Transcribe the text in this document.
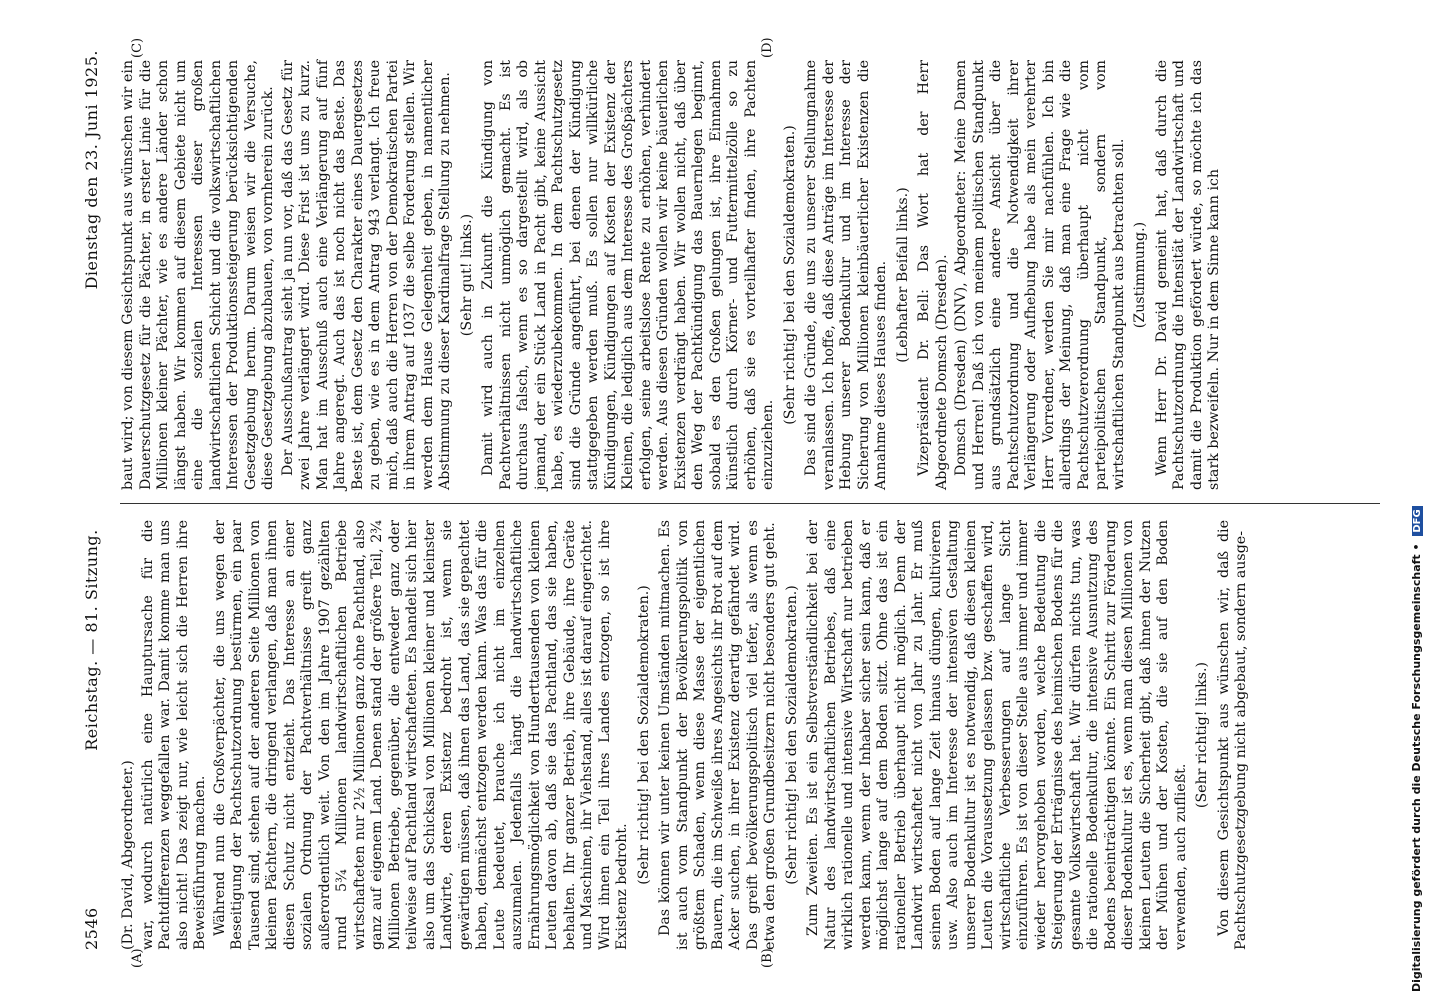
2546
Reichstag. — 81. Sitzung.
Dienstag den 23. Juni 1925.
(A)	(B)
(C)	(D)

(Dr. David, Abgeordneter.) war, wodurch natürlich eine Hauptursache für die Pachtdifferenzen weggefallen war. Damit komme man uns also nicht! Das zeigt nur, wie leicht sich die Herren ihre Beweisführung machen. Während nun die Großverpächter, die uns wegen der Beseitigung der Pachtschutzordnung bestürmen, ein paar Tausend sind, stehen auf der anderen Seite Millionen von kleinen Pächtern, die dringend verlangen, daß man ihnen diesen Schutz nicht entzieht. Das Interesse an einer sozialen Ordnung der Pachtverhältnisse greift ganz außerordentlich weit. Von den im Jahre 1907 gezählten rund 5¾ Millionen landwirtschaftlichen Betriebe wirtschafteten nur 2½ Millionen ganz ohne Pachtland, also ganz auf eigenem Land. Denen stand der größere Teil, 2¾ Millionen Betriebe, gegenüber, die entweder ganz oder teilweise auf Pachtland wirtschafteten. Es handelt sich hier also um das Schicksal von Millionen kleiner und kleinster Landwirte, deren Existenz bedroht ist, wenn sie gewärtigen müssen, daß ihnen das Land, das sie gepachtet haben, demnächst entzogen werden kann. Was das für die Leute bedeutet, brauche ich nicht im einzelnen auszumalen. Jedenfalls hängt die landwirtschaftliche Ernährungsmöglichkeit von Hunderttausenden von kleinen Leuten davon ab, daß sie das Pachtland, das sie haben, behalten. Ihr ganzer Betrieb, ihre Gebäude, ihre Geräte und Maschinen, ihr Viehstand, alles ist darauf eingerichtet. Wird ihnen ein Teil ihres Landes entzogen, so ist ihre Existenz bedroht.

(Sehr richtig! bei den Sozialdemokraten.) Das können wir unter keinen Umständen mitmachen. Es ist auch vom Standpunkt der Bevölkerungspolitik von größtem Schaden, wenn diese Masse der eigentlichen Bauern, die im Schweiße ihres Angesichts ihr Brot auf dem Acker suchen, in ihrer Existenz derartig gefährdet wird. Das greift bevölkerungspolitisch viel tiefer, als wenn es etwa den großen Grundbesitzern nicht besonders gut geht. (Sehr richtig! bei den Sozialdemokraten.) Zum Zweiten. Es ist ein Selbstverständlichkeit bei der Natur des landwirtschaftlichen Betriebes, daß eine wirklich rationelle und intensive Wirtschaft nur betrieben werden kann, wenn der Inhaber sicher sein kann, daß er möglichst lange auf dem Boden sitzt. Ohne das ist ein rationeller Betrieb überhaupt nicht möglich. Denn der Landwirt wirtschaftet nicht von Jahr zu Jahr. Er muß seinen Boden auf lange Zeit hinaus düngen, kultivieren usw. Also auch im Interesse der intensiven Gestaltung unserer Bodenkultur ist es notwendig, daß diesen kleinen Leuten die Voraussetzung gelassen bzw. geschaffen wird, wirtschaftliche Verbesserungen auf lange Sicht einzuführen. Es ist von dieser Stelle aus immer und immer wieder hervorgehoben worden, welche Bedeutung die Steigerung der Erträgnisse des heimischen Bodens für die gesamte Volkswirtschaft hat. Wir dürfen nichts tun, was die rationelle Bodenkultur, die intensive Ausnutzung des Bodens beeinträchtigen könnte. Ein Schritt zur Förderung dieser Bodenkultur ist es, wenn man diesen Millionen von kleinen Leuten die Sicherheit gibt, daß ihnen der Nutzen der Mühen und der Kosten, die sie auf den Boden verwenden, auch zufließt.

(Sehr richtig! links.) Von diesem Gesichtspunkt aus wünschen wir, daß die Pachtschutzgesetzgebung nicht abgebaut, sondern ausge-

baut wird; von diesem Gesichtspunkt aus wünschen wir ein Dauerschutzgesetz für die Pächter, in erster Linie für die Millionen kleiner Pächter, wie es andere Länder schon längst haben. Wir kommen auf diesem Gebiete nicht um eine die sozialen Interessen dieser großen landwirtschaftlichen Schicht und die volkswirtschaftlichen Interessen der Produktionssteigerung berücksichtigenden Gesetzgebung herum. Darum weisen wir die Versuche, diese Gesetzgebung abzubauen, von vornherein zurück. Der Ausschußantrag sieht ja nun vor, daß das Gesetz für zwei Jahre verlängert wird. Diese Frist ist uns zu kurz. Man hat im Ausschuß auch eine Verlängerung auf fünf Jahre angeregt. Auch das ist noch nicht das Beste. Das Beste ist, dem Gesetz den Charakter eines Dauergesetzes zu geben, wie es in dem Antrag 943 verlangt. Ich freue mich, daß auch die Herren von der Demokratischen Partei in ihrem Antrag auf 1037 die selbe Forderung stellen. Wir werden dem Hause Gelegenheit geben, in namentlicher Abstimmung zu dieser Kardinalfrage Stellung zu nehmen. (Sehr gut! links.) Damit wird auch in Zukunft die Kündigung von Pachtverhältnissen nicht unmöglich gemacht. Es ist durchaus falsch, wenn es so dargestellt wird, als ob jemand, der ein Stück Land in Pacht gibt, keine Aussicht habe, es wiederzubekommen. In dem Pachtschutzgesetz sind die Gründe angeführt, bei denen der Kündigung stattgegeben werden muß. Es sollen nur willkürliche Kündigungen, Kündigungen auf Kosten der Existenz der Kleinen, die lediglich aus dem Interesse des Großpächters erfolgen, seine arbeitslose Rente zu erhöhen, verhindert werden. Aus diesen Gründen wollen wir keine bäuerlichen Existenzen verdrängt haben. Wir wollen nicht, daß über den Weg der Pachtkündigung das Bauernlegen beginnt, sobald es den Großen gelungen ist, ihre Einnahmen künstlich durch Körner- und Futtermittelzölle so zu erhöhen, daß sie es vorteilhafter finden, ihre Pachten einzuziehen.

(Sehr richtig! bei den Sozialdemokraten.) Das sind die Gründe, die uns zu unserer Stellungnahme veranlassen. Ich hoffe, daß diese Anträge im Interesse der Hebung unserer Bodenkultur und im Interesse der Sicherung von Millionen kleinbäuerlicher Existenzen die Annahme dieses Hauses finden. (Lebhafter Beifall links.) Vizepräsident Dr. Bell: Das Wort hat der Herr Abgeordnete Domsch (Dresden). Domsch (Dresden) (DNV), Abgeordneter: Meine Damen und Herren! Daß ich von meinem politischen Standpunkt aus grundsätzlich eine andere Ansicht über die Pachtschutzordnung und die Notwendigkeit ihrer Verlängerung oder Aufhebung habe als mein verehrter Herr Vorredner, werden Sie mir nachfühlen. Ich bin allerdings der Meinung, daß man eine Frage wie die Pachtschutzverordnung überhaupt nicht vom parteipolitischen Standpunkt, sondern vom wirtschaftlichen Standpunkt aus betrachten soll. (Zustimmung.) Wenn Herr Dr. David gemeint hat, daß durch die Pachtschutzordnung die Intensität der Landwirtschaft und damit die Produktion gefördert würde, so möchte ich das stark bezweifeln. Nur in dem Sinne kann ich

Digitalisierung gefördert durch die Deutsche Forschungsgemeinschaft • DFG
